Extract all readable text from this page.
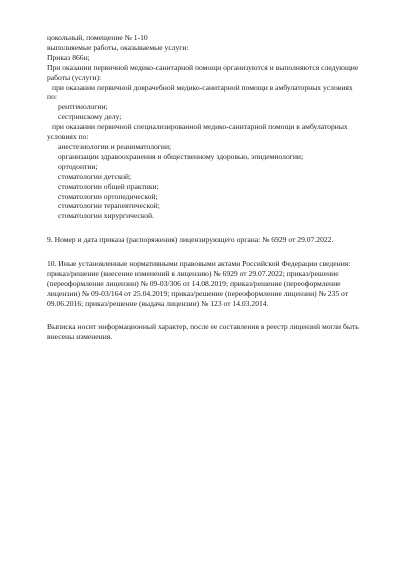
цокольный, помещение № 1-10
выполняемые работы, оказываемые услуги:
Приказ 866н;
При оказании первичной медико-санитарной помощи организуются и выполняются следующие
работы (услуги):
при оказании первичной доврачебной медико-санитарной помощи в амбулаторных условиях
по:
рентгенологии;
сестринскому делу;
при оказании первичной специализированной медико-санитарной помощи в амбулаторных
условиях по:
анестезиологии и реаниматологии;
организации здравоохранения и общественному здоровью, эпидемиологии;
ортодонтии;
стоматологии детской;
стоматологии общей практики;
стоматологии ортопедической;
стоматологии терапевтической;
стоматологии хирургической.
9. Номер и дата приказа (распоряжения) лицензирующего органа: № 6929 от 29.07.2022.
10. Иные установленные нормативными правовыми актами Российской Федерации сведения:
приказ/решение (внесение изменений в лицензию) № 6929 от 29.07.2022; приказ/решение
(переоформление лицензии) № 09-03/306 от 14.08.2019; приказ/решение (переоформление
лицензии) № 09-03/164 от 25.04.2019; приказ/решение (переоформление лицензии) № 235 от
09.06.2016; приказ/решение (выдача лицензии) № 123 от 14.03.2014.
Выписка носит информационный характер, после ее составления в реестр лицензий могли быть
внесены изменения.
